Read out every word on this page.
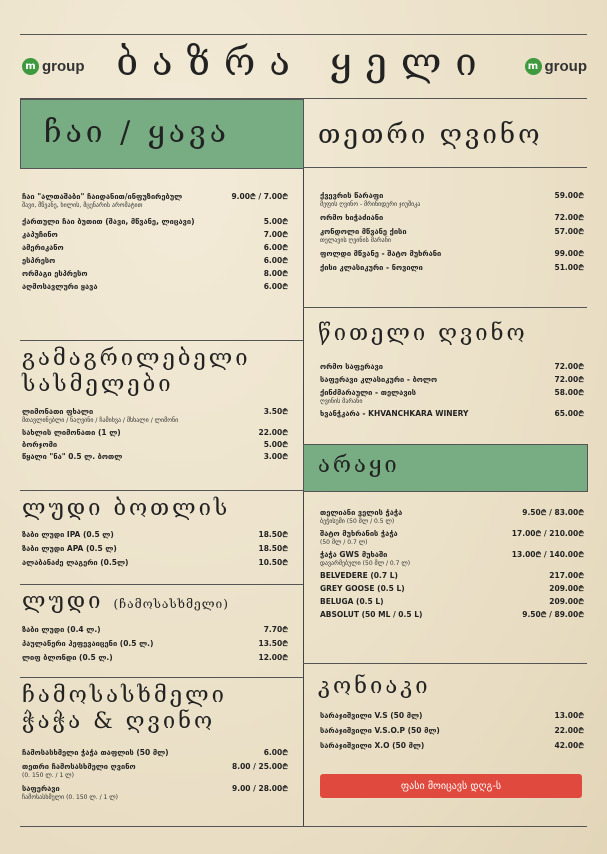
m group	m group
ბაზრა ყელი
ჩაი / ყავა
ჩაი "ალთაშაბი" ჩაიდანით/ინფუზირებულ
შავი, მწვანე, ხილის, მცენარის არომატით
9.00₾ / 7.00₾
ქართული ჩაი ბუთით (შავი, მწვანე, ლიცავი)	5.00₾
კაპუჩინო	7.00₾
ამერიკანო	6.00₾
ესპრესო	6.00₾
ორმაგი ესპრესო	8.00₾
აღმოსავლური ყავა	6.00₾
გამაგრილებელი სასმელები
ლიმონათი ფხალი
მთავლინებლი / ნაღვინი / ჩამიხვა / მსხალი / ლიმონი
3.50₾
სახლის ლიმონათი (1 ლ)	22.00₾
ბორჯომი	5.00₾
წყალი "ნა" 0.5 ლ. ბოთლ	3.00₾
ლუდი ბოთლის
ზაბი ლუდი IPA (0.5 ლ)	18.50₾
ზაბი ლუდი APA (0.5 ლ)	18.50₾
ალაბანაძე ლაგერი (0.5ლ)	10.50₾
ლუდი (ჩამოსასხმელი)
ზაბი ლუდი (0.4 ლ.)	7.70₾
პაულანერი ჰეფევაიცენი (0.5 ლ.)	13.50₾
ლიფ ბლონდი (0.5 ლ.)	12.00₾
ჩამოსასხმელი ჭაჭა & ღვინო
ჩამოსასხმელი ჭაჭა თაფლის (50 მლ)	6.00₾
თეთრი ჩამოსასხმელი ღვინო
(0. 150 ლ. / 1 ლ)
8.00 / 25.00₾
საფერავი
ჩამოსასხმელი (0. 150 ლ. / 1 ლ)
9.00 / 28.00₾
თეთრი ღვინო
ქვევრის წარაფი
მეფის ღვინო - მრინიდერი ჯიუშიკა
59.00₾
ორმო ხიჭაძიანი	72.00₾
კონდოლი მწვანე ქისი
თელავის ღვინის მარანი
57.00₾
ფოლდი მწვანე - შატო მუხრანი	99.00₾
ქისი კლასიკური - ნოვილი	51.00₾
წითელი ღვინო
ორმო საფერავი	72.00₾
საფერავი კლასიკური - ბოლო	72.00₾
ქინძმარაული - თელავის
ღვინის მარანი
58.00₾
ხვანჭკარა - KHVANCHKARA WINERY	65.00₾
არაყი
თელიანი ველის ჭაჭა
ბეჭისუმი (50 მლ / 0.5 ლ)
9.50₾ / 83.00₾
შატო მუხრანის ჭაჭა
(50 მლ / 0.7 ლ)
17.00₾ / 210.00₾
ჭაჭა GWS მუხაში
დავარმებული (50 მლ / 0.7 ლ)
13.00₾ / 140.00₾
BELVEDERE (0.7 L)	217.00₾
GREY GOOSE (0.5 L)	209.00₾
BELUGA (0.5 L)	209.00₾
ABSOLUT (50 ML / 0.5 L)	9.50₾ / 89.00₾
კონიაკი
სარაჯიშვილი V.S (50 მლ)	13.00₾
სარაჯიშვილი V.S.O.P (50 მლ)	22.00₾
სარაჯიშვილი X.O (50 მლ)	42.00₾
ფასი მოიცავს დღგ-ს
